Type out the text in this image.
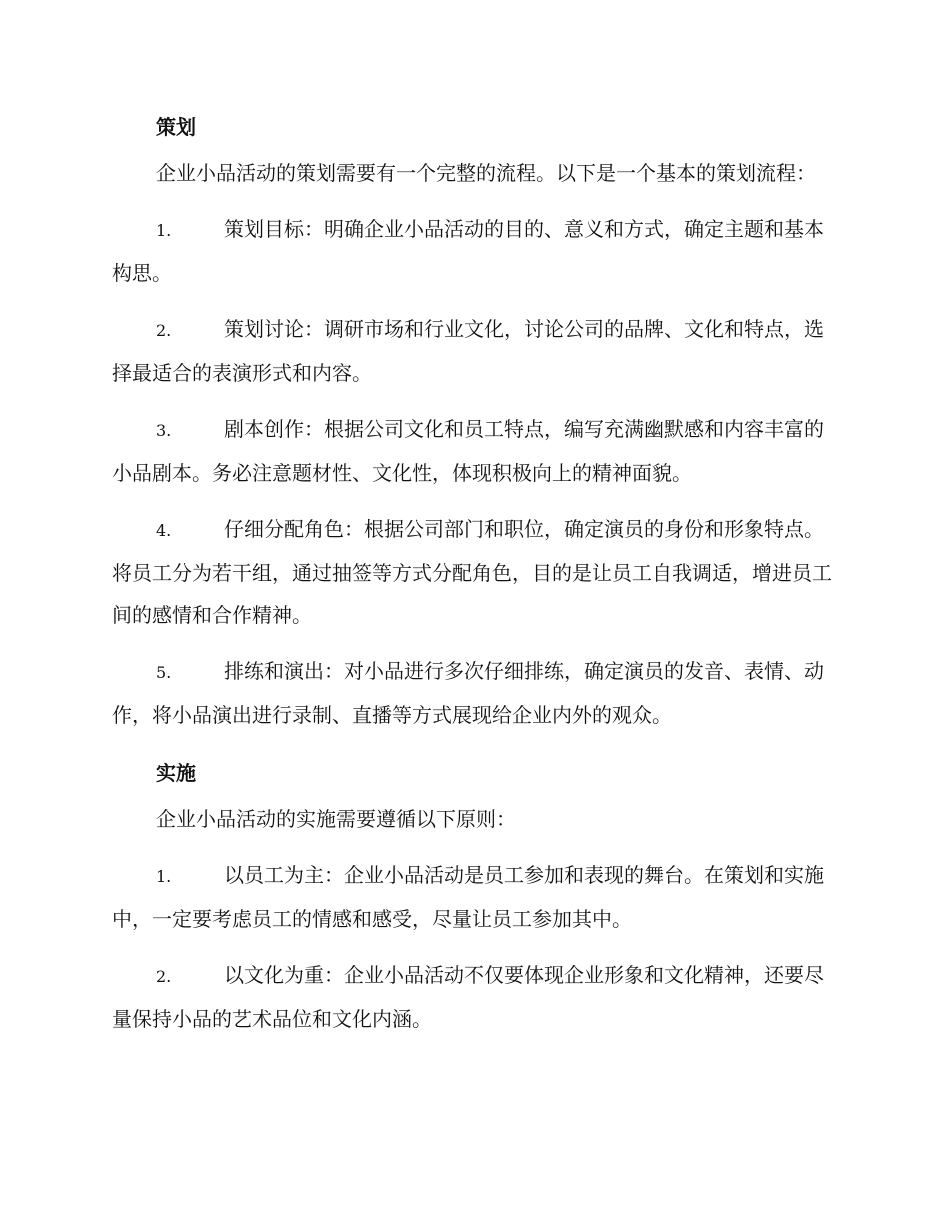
策划

企业小品活动的策划需要有一个完整的流程。以下是一个基本的策划流程：

1.	策划目标：明确企业小品活动的目的、意义和方式，确定主题和基本构思。
2.	策划讨论：调研市场和行业文化，讨论公司的品牌、文化和特点，选择最适合的表演形式和内容。
3.	剧本创作：根据公司文化和员工特点，编写充满幽默感和内容丰富的小品剧本。务必注意题材性、文化性，体现积极向上的精神面貌。
4.	仔细分配角色：根据公司部门和职位，确定演员的身份和形象特点。将员工分为若干组，通过抽签等方式分配角色，目的是让员工自我调适，增进员工间的感情和合作精神。
5.	排练和演出：对小品进行多次仔细排练，确定演员的发音、表情、动作，将小品演出进行录制、直播等方式展现给企业内外的观众。
实施

企业小品活动的实施需要遵循以下原则：

1.	以员工为主：企业小品活动是员工参加和表现的舞台。在策划和实施中，一定要考虑员工的情感和感受，尽量让员工参加其中。
2.	以文化为重：企业小品活动不仅要体现企业形象和文化精神，还要尽量保持小品的艺术品位和文化内涵。
